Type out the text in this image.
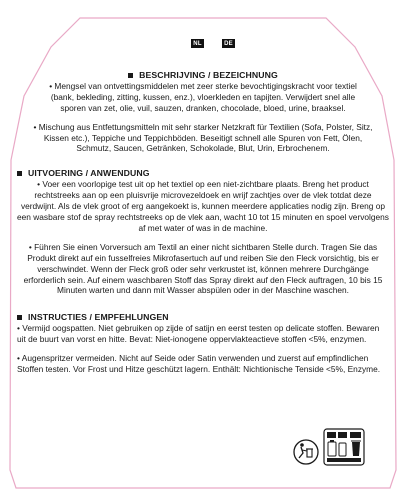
NL	DE
BESCHRIJVING / BEZEICHNUNG

• Mengsel van ontvettingsmiddelen met zeer sterke bevochtigingskracht voor textiel (bank, bekleding, zitting, kussen, enz.), vloerkleden en tapijten. Verwijdert snel alle sporen van zet, olie, vuil, sauzen, dranken, chocolade, bloed, urine, braaksel.

• Mischung aus Entfettungsmitteln mit sehr starker Netzkraft für Textilien (Sofa, Polster, Sitz, Kissen etc.), Teppiche und Teppichböden. Beseitigt schnell alle Spuren von Fett, Ölen, Schmutz, Saucen, Getränken, Schokolade, Blut, Urin, Erbrochenem.

UITVOERING / ANWENDUNG

• Voer een voorlopige test uit op het textiel op een niet-zichtbare plaats. Breng het product rechtstreeks aan op een pluisvrije microvezeldoek en wrijf zachtjes over de vlek totdat deze verdwijnt. Als de vlek groot of erg aangekoekt is, kunnen meerdere applicaties nodig zijn. Breng op een wasbare stof de spray rechtstreeks op de vlek aan, wacht 10 tot 15 minuten en spoel vervolgens af met water of was in de machine.

• Führen Sie einen Vorversuch am Textil an einer nicht sichtbaren Stelle durch. Tragen Sie das Produkt direkt auf ein fusselfreies Mikrofasertuch auf und reiben Sie den Fleck vorsichtig, bis er verschwindet. Wenn der Fleck groß oder sehr verkrustet ist, können mehrere Durchgänge erforderlich sein. Auf einem waschbaren Stoff das Spray direkt auf den Fleck auftragen, 10 bis 15 Minuten warten und dann mit Wasser abspülen oder in der Maschine waschen.

INSTRUCTIES / EMPFEHLUNGEN

• Vermijd oogspatten. Niet gebruiken op zijde of satijn en eerst testen op delicate stoffen. Bewaren uit de buurt van vorst en hitte. Bevat: Niet-ionogene oppervlakteactieve stoffen <5%, enzymen.

• Augenspritzer vermeiden. Nicht auf Seide oder Satin verwenden und zuerst auf empfindlichen Stoffen testen. Vor Frost und Hitze geschützt lagern. Enthält: Nichtionische Tenside <5%, Enzyme.
